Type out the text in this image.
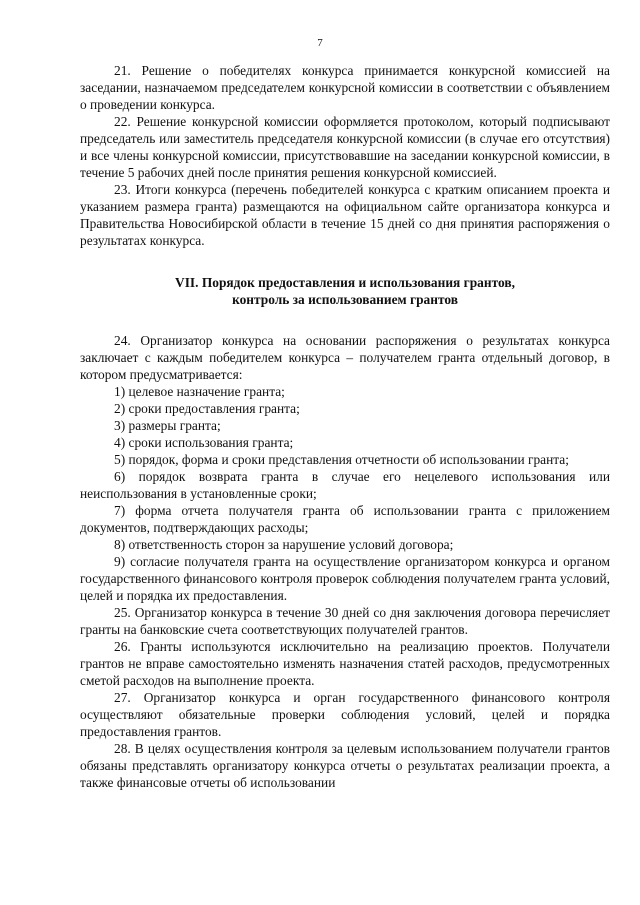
7

21. Решение о победителях конкурса принимается конкурсной комиссией на заседании, назначаемом председателем конкурсной комиссии в соответствии с объявлением о проведении конкурса.

22. Решение конкурсной комиссии оформляется протоколом, который подписывают председатель или заместитель председателя конкурсной комиссии (в случае его отсутствия) и все члены конкурсной комиссии, присутствовавшие на заседании конкурсной комиссии, в течение 5 рабочих дней после принятия решения конкурсной комиссией.

23. Итоги конкурса (перечень победителей конкурса с кратким описанием проекта и указанием размера гранта) размещаются на официальном сайте организатора конкурса и Правительства Новосибирской области в течение 15 дней со дня принятия распоряжения о результатах конкурса.

VII. Порядок предоставления и использования грантов,
контроль за использованием грантов

24. Организатор конкурса на основании распоряжения о результатах конкурса заключает с каждым победителем конкурса – получателем гранта отдельный договор, в котором предусматривается:

1) целевое назначение гранта;

2) сроки предоставления гранта;

3) размеры гранта;

4) сроки использования гранта;

5) порядок, форма и сроки представления отчетности об использовании гранта;

6) порядок возврата гранта в случае его нецелевого использования или неиспользования в установленные сроки;

7) форма отчета получателя гранта об использовании гранта с приложением документов, подтверждающих расходы;

8) ответственность сторон за нарушение условий договора;

9) согласие получателя гранта на осуществление организатором конкурса и органом государственного финансового контроля проверок соблюдения получателем гранта условий, целей и порядка их предоставления.

25. Организатор конкурса в течение 30 дней со дня заключения договора перечисляет гранты на банковские счета соответствующих получателей грантов.

26. Гранты используются исключительно на реализацию проектов. Получатели грантов не вправе самостоятельно изменять назначения статей расходов, предусмотренных сметой расходов на выполнение проекта.

27. Организатор конкурса и орган государственного финансового контроля осуществляют обязательные проверки соблюдения условий, целей и порядка предоставления грантов.

28. В целях осуществления контроля за целевым использованием получатели грантов обязаны представлять организатору конкурса отчеты о результатах реализации проекта, а также финансовые отчеты об использовании
